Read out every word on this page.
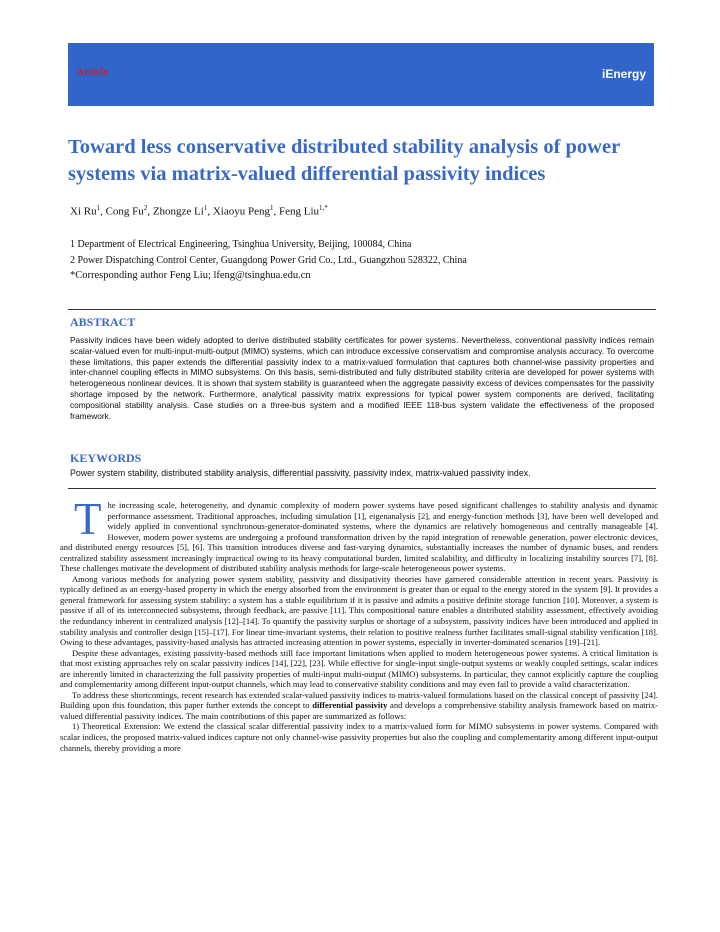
Article	iEnergy
Toward less conservative distributed stability analysis of power systems via matrix-valued differential passivity indices
Xi Ru$^1$, Cong Fu$^2$, Zhongze Li$^1$, Xiaoyu Peng$^1$, Feng Liu$^{1,*}$
1 Department of Electrical Engineering, Tsinghua University, Beijing, 100084, China
2 Power Dispatching Control Center, Guangdong Power Grid Co., Ltd., Guangzhou 528322, China
*Corresponding author Feng Liu; lfeng@tsinghua.edu.cn
ABSTRACT
Passivity indices have been widely adopted to derive distributed stability certificates for power systems. Nevertheless, conventional passivity indices remain scalar-valued even for multi-input-multi-output (MIMO) systems, which can introduce excessive conservatism and compromise analysis accuracy. To overcome these limitations, this paper extends the differential passivity index to a matrix-valued formulation that captures both channel-wise passivity properties and inter-channel coupling effects in MIMO subsystems. On this basis, semi-distributed and fully distributed stability criteria are developed for power systems with heterogeneous nonlinear devices. It is shown that system stability is guaranteed when the aggregate passivity excess of devices compensates for the passivity shortage imposed by the network. Furthermore, analytical passivity matrix expressions for typical power system components are derived, facilitating compositional stability analysis. Case studies on a three-bus system and a modified IEEE 118-bus system validate the effectiveness of the proposed framework.
KEYWORDS
Power system stability, distributed stability analysis, differential passivity, passivity index, matrix-valued passivity index.

The increasing scale, heterogeneity, and dynamic complexity of modern power systems have posed significant challenges to stability analysis and dynamic performance assessment. Traditional approaches, including simulation [1], eigenanalysis [2], and energy-function methods [3], have been well developed and widely applied in conventional synchronous-generator-dominated systems, where the dynamics are relatively homogeneous and centrally manageable [4]. However, modern power systems are undergoing a profound transformation driven by the rapid integration of renewable generation, power electronic devices, and distributed energy resources [5], [6]. This transition introduces diverse and fast-varying dynamics, substantially increases the number of dynamic buses, and renders centralized stability assessment increasingly impractical owing to its heavy computational burden, limited scalability, and difficulty in localizing instability sources [7], [8]. These challenges motivate the development of distributed stability analysis methods for large-scale heterogeneous power systems.

Among various methods for analyzing power system stability, passivity and dissipativity theories have garnered considerable attention in recent years. Passivity is typically defined as an energy-based property in which the energy absorbed from the environment is greater than or equal to the energy stored in the system [9]. It provides a general framework for assessing system stability: a system has a stable equilibrium if it is passive and admits a positive definite storage function [10]. Moreover, a system is passive if all of its interconnected subsystems, through feedback, are passive [11]. This compositional nature enables a distributed stability assessment, effectively avoiding the redundancy inherent in centralized analysis [12]–[14]. To quantify the passivity surplus or shortage of a subsystem, passivity indices have been introduced and applied in stability analysis and controller design [15]–[17]. For linear time-invariant systems, their relation to positive realness further facilitates small-signal stability verification [18]. Owing to these advantages, passivity-based analysis has attracted increasing attention in power systems, especially in inverter-dominated scenarios [19]–[21].

Despite these advantages, existing passivity-based methods still face important limitations when applied to modern heterogeneous power systems. A critical limitation is that most existing approaches rely on scalar passivity indices [14], [22], [23]. While effective for single-input single-output systems or weakly coupled settings, scalar indices are inherently limited in characterizing the full passivity properties of multi-input multi-output (MIMO) subsystems. In particular, they cannot explicitly capture the coupling and complementarity among different input-output channels, which may lead to conservative stability conditions and may even fail to provide a valid characterization.

To address these shortcomings, recent research has extended scalar-valued passivity indices to matrix-valued formulations based on the classical concept of passivity [24]. Building upon this foundation, this paper further extends the concept to differential passivity and develops a comprehensive stability analysis framework based on matrix-valued differential passivity indices. The main contributions of this paper are summarized as follows:

1) Theoretical Extension: We extend the classical scalar differential passivity index to a matrix-valued form for MIMO subsystems in power systems. Compared with scalar indices, the proposed matrix-valued indices capture not only channel-wise passivity properties but also the coupling and complementarity among different input-output channels, thereby providing a more
